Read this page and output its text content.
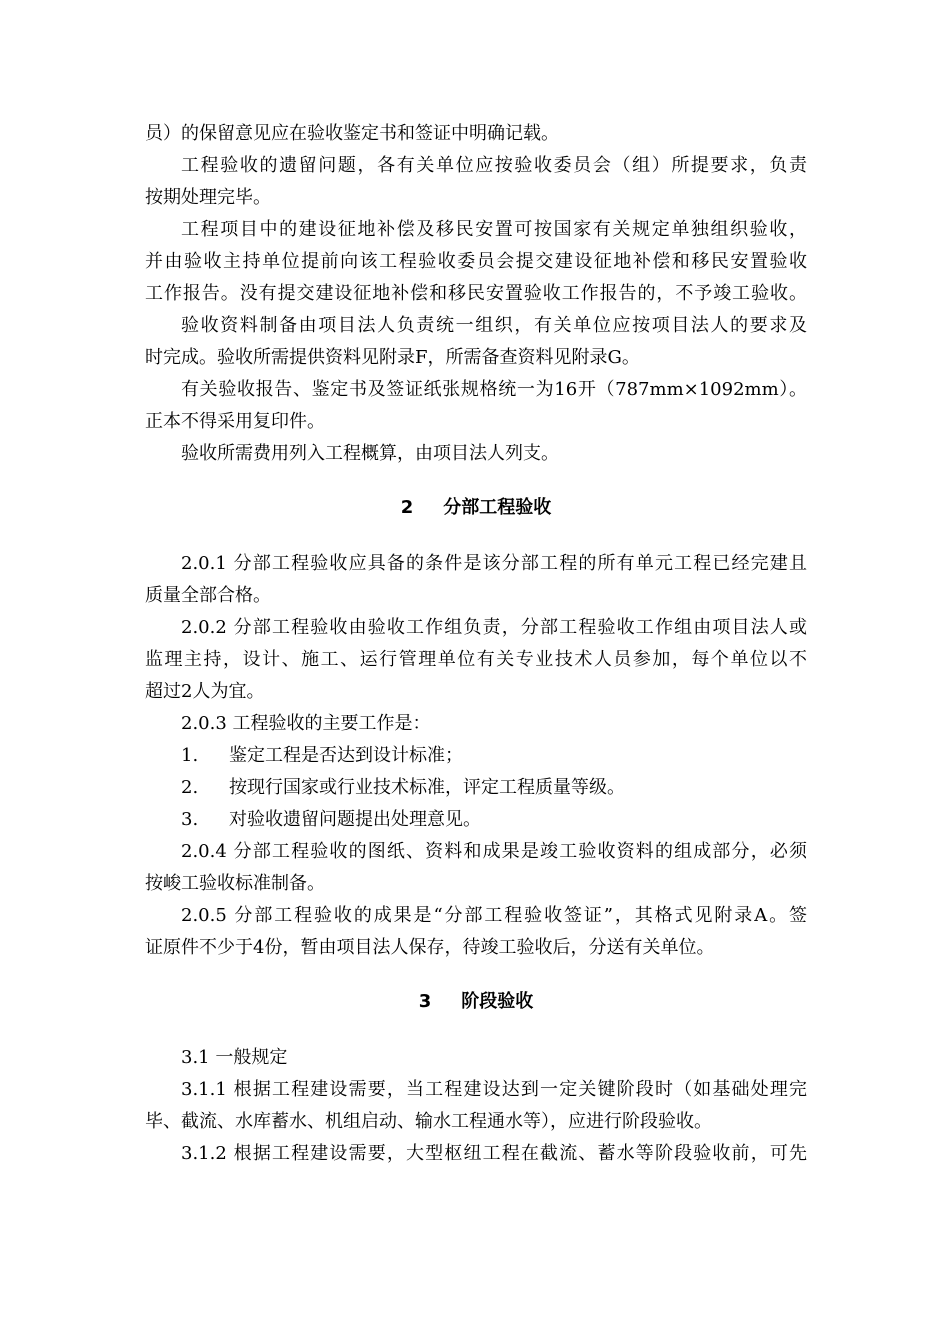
员）的保留意见应在验收鉴定书和签证中明确记载。
工程验收的遗留问题，各有关单位应按验收委员会（组）所提要求，负责
按期处理完毕。
工程项目中的建设征地补偿及移民安置可按国家有关规定单独组织验收，
并由验收主持单位提前向该工程验收委员会提交建设征地补偿和移民安置验收
工作报告。没有提交建设征地补偿和移民安置验收工作报告的，不予竣工验收。
验收资料制备由项目法人负责统一组织，有关单位应按项目法人的要求及
时完成。验收所需提供资料见附录F，所需备查资料见附录G。
有关验收报告、鉴定书及签证纸张规格统一为16开（787mm×1092mm）。
正本不得采用复印件。
验收所需费用列入工程概算，由项目法人列支。
2 分部工程验收
2.0.1 分部工程验收应具备的条件是该分部工程的所有单元工程已经完建且
质量全部合格。
2.0.2 分部工程验收由验收工作组负责，分部工程验收工作组由项目法人或
监理主持，设计、施工、运行管理单位有关专业技术人员参加，每个单位以不
超过2人为宜。
2.0.3 工程验收的主要工作是：
1. 鉴定工程是否达到设计标准；
2. 按现行国家或行业技术标准，评定工程质量等级。
3. 对验收遗留问题提出处理意见。
2.0.4 分部工程验收的图纸、资料和成果是竣工验收资料的组成部分，必须
按峻工验收标准制备。
2.0.5 分部工程验收的成果是“分部工程验收签证”，其格式见附录A。签
证原件不少于4份，暂由项目法人保存，待竣工验收后，分送有关单位。
3 阶段验收
3.1 一般规定
3.1.1 根据工程建设需要，当工程建设达到一定关键阶段时（如基础处理完
毕、截流、水库蓄水、机组启动、输水工程通水等），应进行阶段验收。
3.1.2 根据工程建设需要，大型枢纽工程在截流、蓄水等阶段验收前，可先
